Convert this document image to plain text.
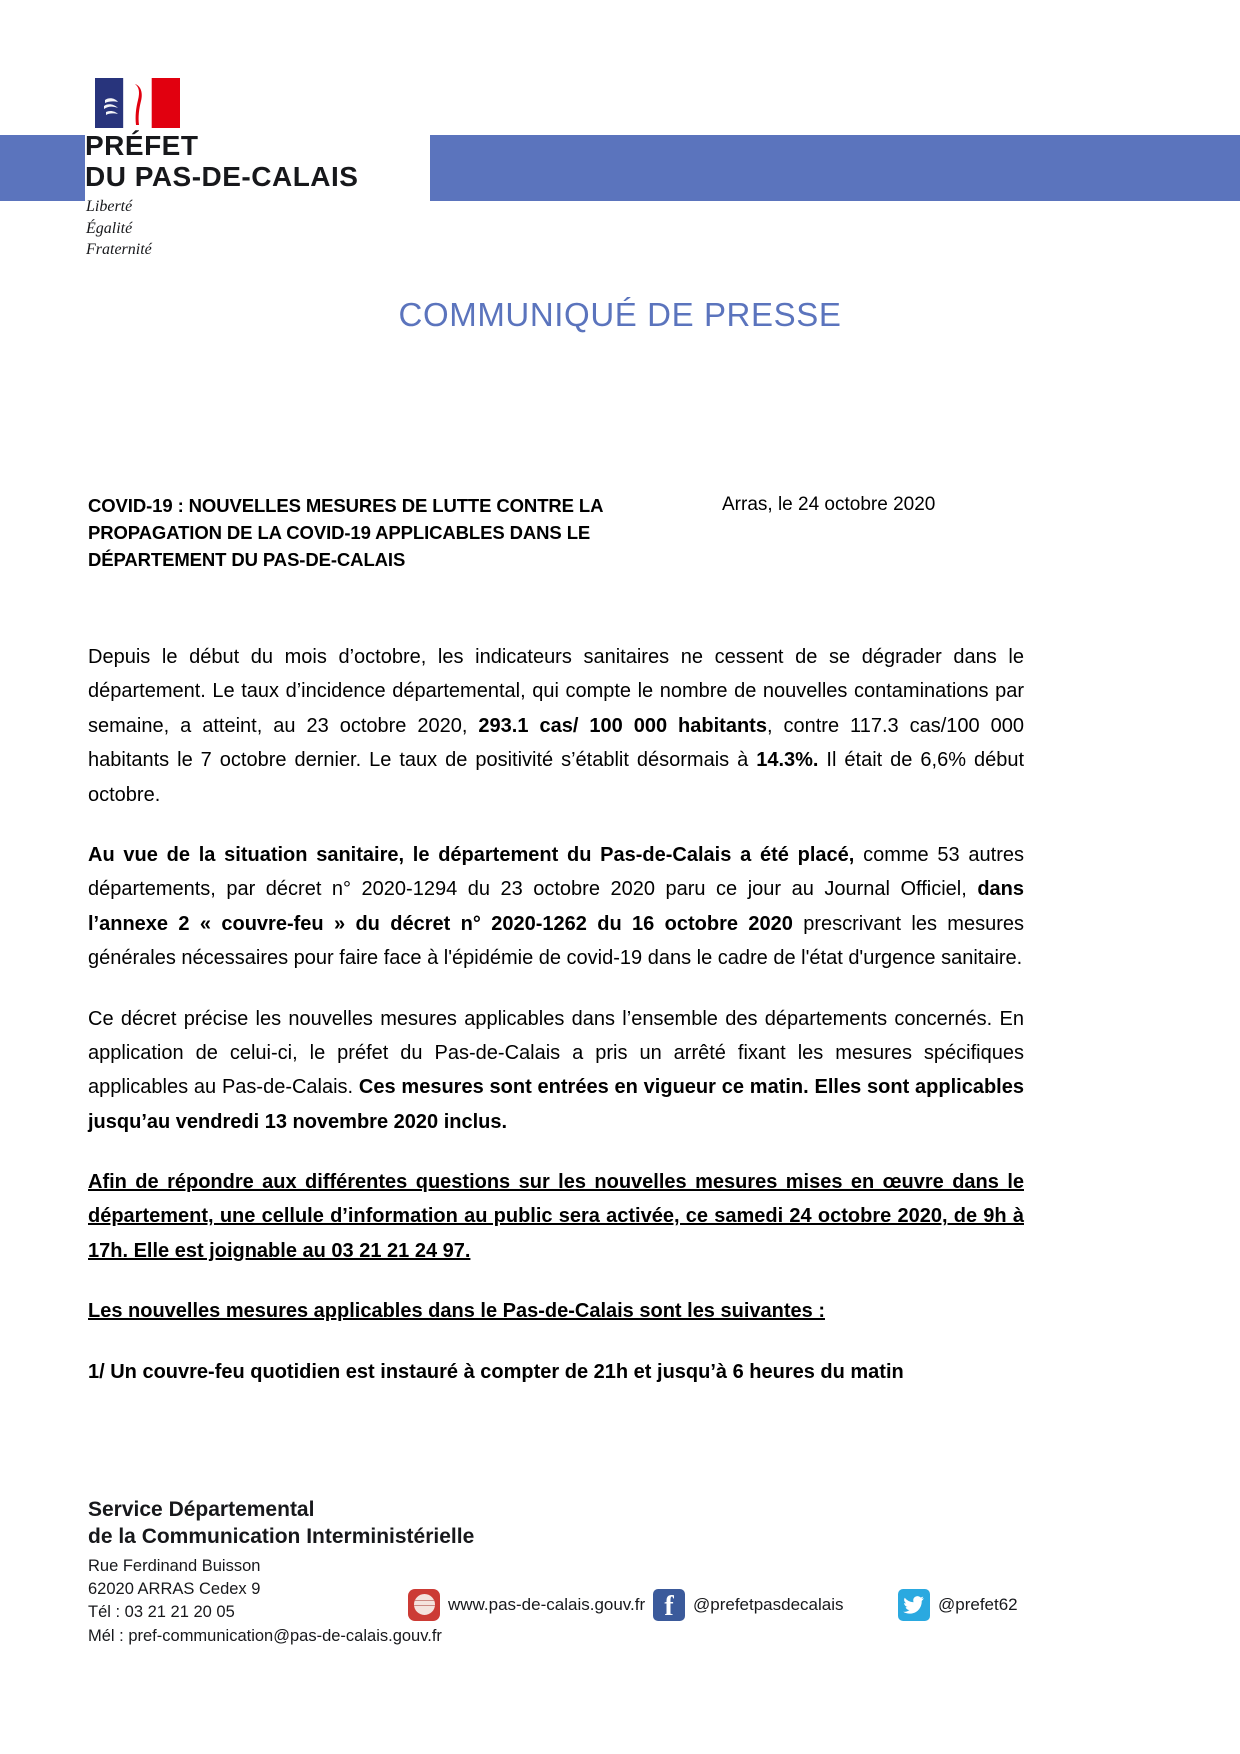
PRÉFET
DU PAS-DE-CALAIS
Liberté
Égalité
Fraternité
COMMUNIQUÉ DE PRESSE
COVID-19 : NOUVELLES MESURES DE LUTTE CONTRE LA PROPAGATION DE LA COVID-19 APPLICABLES DANS LE DÉPARTEMENT DU PAS-DE-CALAISArras, le 24 octobre 2020

Depuis le début du mois d’octobre, les indicateurs sanitaires ne cessent de se dégrader dans le département. Le taux d’incidence départemental, qui compte le nombre de nouvelles contaminations par semaine, a atteint, au 23 octobre 2020, 293.1 cas/ 100 000 habitants, contre 117.3 cas/100 000 habitants le 7 octobre dernier. Le taux de positivité s’établit désormais à 14.3%. Il était de 6,6% début octobre.

Au vue de la situation sanitaire, le département du Pas-de-Calais a été placé, comme 53 autres départements, par décret n° 2020-1294 du 23 octobre 2020 paru ce jour au Journal Officiel, dans l’annexe 2 « couvre-feu » du décret n° 2020-1262 du 16 octobre 2020 prescrivant les mesures générales nécessaires pour faire face à l'épidémie de covid-19 dans le cadre de l'état d'urgence sanitaire.

Ce décret précise les nouvelles mesures applicables dans l’ensemble des départements concernés. En application de celui-ci, le préfet du Pas-de-Calais a pris un arrêté fixant les mesures spécifiques applicables au Pas-de-Calais. Ces mesures sont entrées en vigueur ce matin. Elles sont applicables jusqu’au vendredi 13 novembre 2020 inclus.

Afin de répondre aux différentes questions sur les nouvelles mesures mises en œuvre dans le département, une cellule d’information au public sera activée, ce samedi 24 octobre 2020, de 9h à 17h. Elle est joignable au 03 21 21 24 97.

Les nouvelles mesures applicables dans le Pas-de-Calais sont les suivantes :

1/ Un couvre-feu quotidien est instauré à compter de 21h et jusqu’à 6 heures du matin

Service Départemental
de la Communication Interministérielle
Rue Ferdinand Buisson
62020 ARRAS Cedex 9
Tél : 03 21 21 20 05
Mél : pref-communication@pas-de-calais.gouv.fr
www.pas-de-calais.gouv.fr f	@prefetpasdecalais	@prefet62
